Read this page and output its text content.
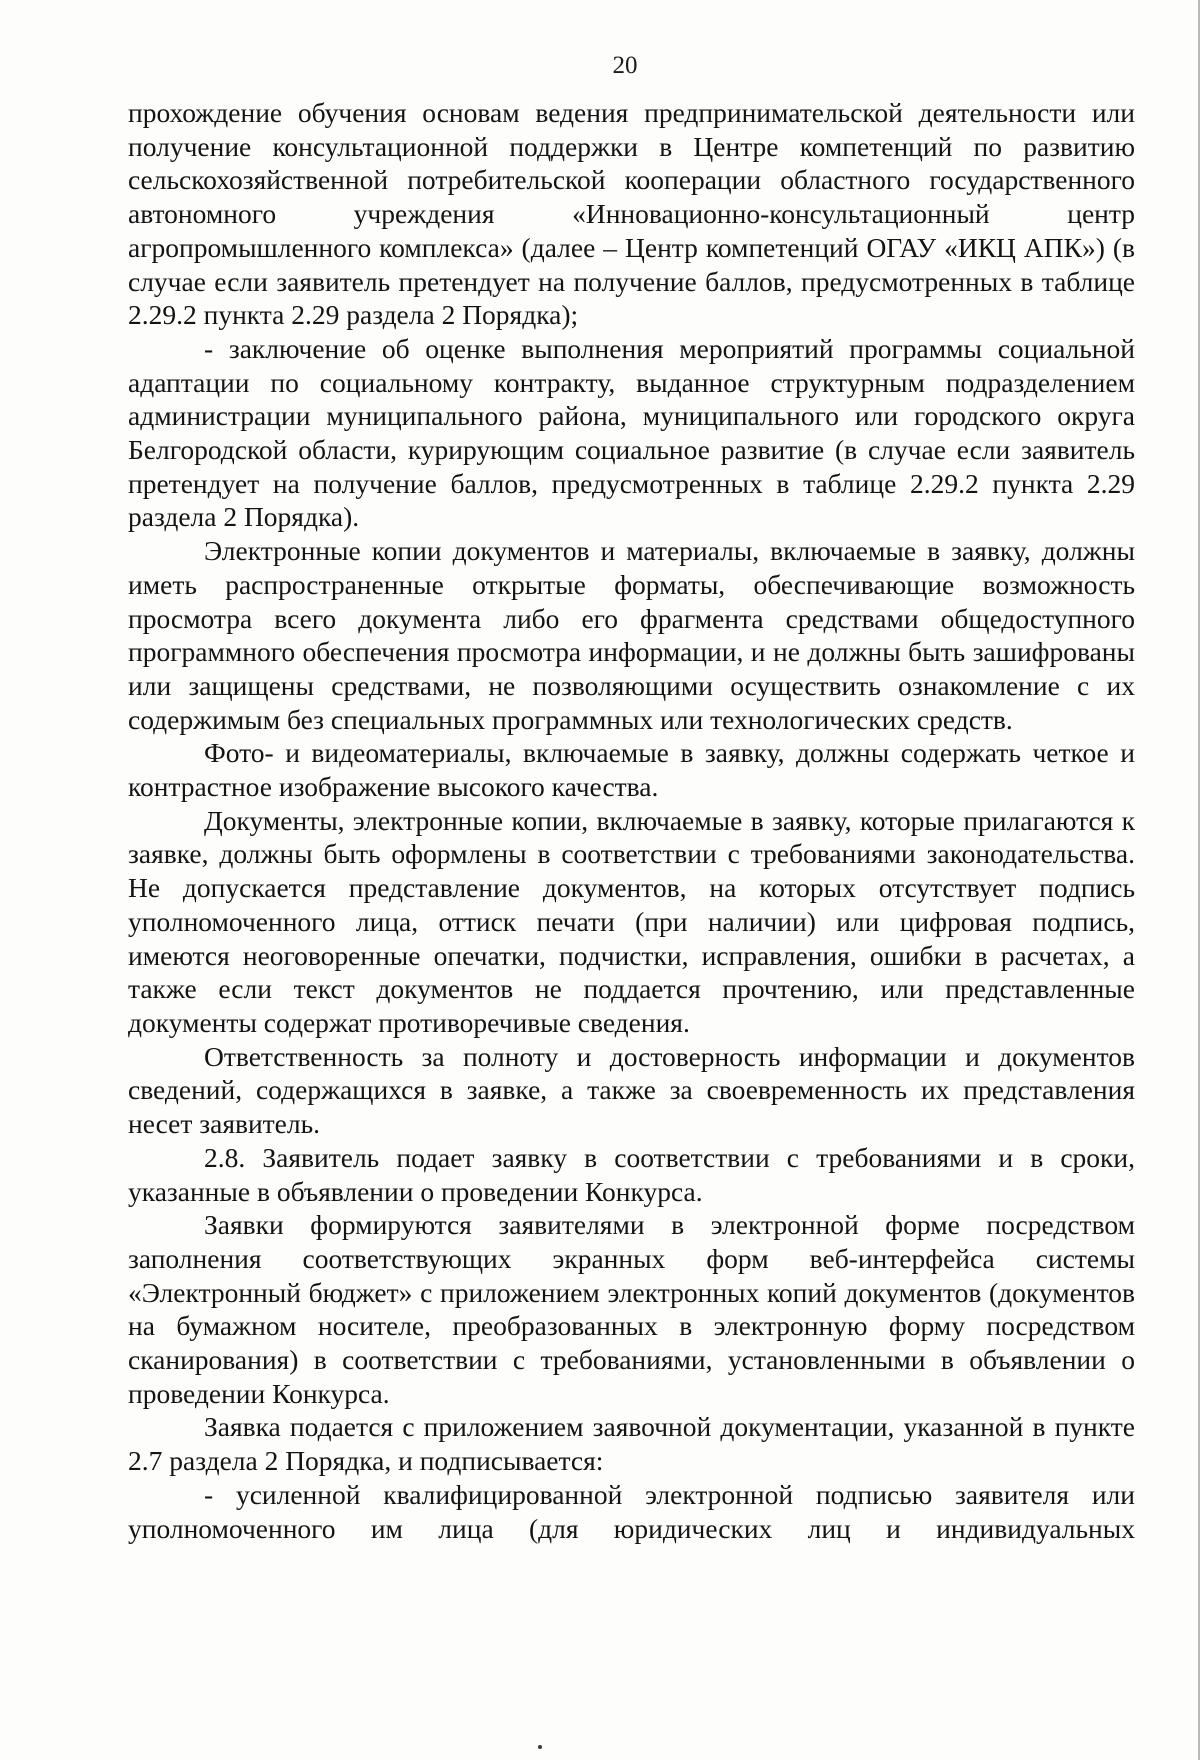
20

прохождение обучения основам ведения предпринимательской деятельности или получение консультационной поддержки в Центре компетенций по развитию сельскохозяйственной потребительской кооперации областного государственного автономного учреждения «Инновационно-консультационный центр агропромышленного комплекса» (далее – Центр компетенций ОГАУ «ИКЦ АПК») (в случае если заявитель претендует на получение баллов, предусмотренных в таблице 2.29.2 пункта 2.29 раздела 2 Порядка);

- заключение об оценке выполнения мероприятий программы социальной адаптации по социальному контракту, выданное структурным подразделением администрации муниципального района, муниципального или городского округа Белгородской области, курирующим социальное развитие (в случае если заявитель претендует на получение баллов, предусмотренных в таблице 2.29.2 пункта 2.29 раздела 2 Порядка).

Электронные копии документов и материалы, включаемые в заявку, должны иметь распространенные открытые форматы, обеспечивающие возможность просмотра всего документа либо его фрагмента средствами общедоступного программного обеспечения просмотра информации, и не должны быть зашифрованы или защищены средствами, не позволяющими осуществить ознакомление с их содержимым без специальных программных или технологических средств.

Фото- и видеоматериалы, включаемые в заявку, должны содержать четкое и контрастное изображение высокого качества.

Документы, электронные копии, включаемые в заявку, которые прилагаются к заявке, должны быть оформлены в соответствии с требованиями законодательства. Не допускается представление документов, на которых отсутствует подпись уполномоченного лица, оттиск печати (при наличии) или цифровая подпись, имеются неоговоренные опечатки, подчистки, исправления, ошибки в расчетах, а также если текст документов не поддается прочтению, или представленные документы содержат противоречивые сведения.

Ответственность за полноту и достоверность информации и документов сведений, содержащихся в заявке, а также за своевременность их представления несет заявитель.

2.8. Заявитель подает заявку в соответствии с требованиями и в сроки, указанные в объявлении о проведении Конкурса.

Заявки формируются заявителями в электронной форме посредством заполнения соответствующих экранных форм веб-интерфейса системы «Электронный бюджет» с приложением электронных копий документов (документов на бумажном носителе, преобразованных в электронную форму посредством сканирования) в соответствии с требованиями, установленными в объявлении о проведении Конкурса.

Заявка подается с приложением заявочной документации, указанной в пункте 2.7 раздела 2 Порядка, и подписывается:

- усиленной квалифицированной электронной подписью заявителя или уполномоченного им лица (для юридических лиц и индивидуальных
